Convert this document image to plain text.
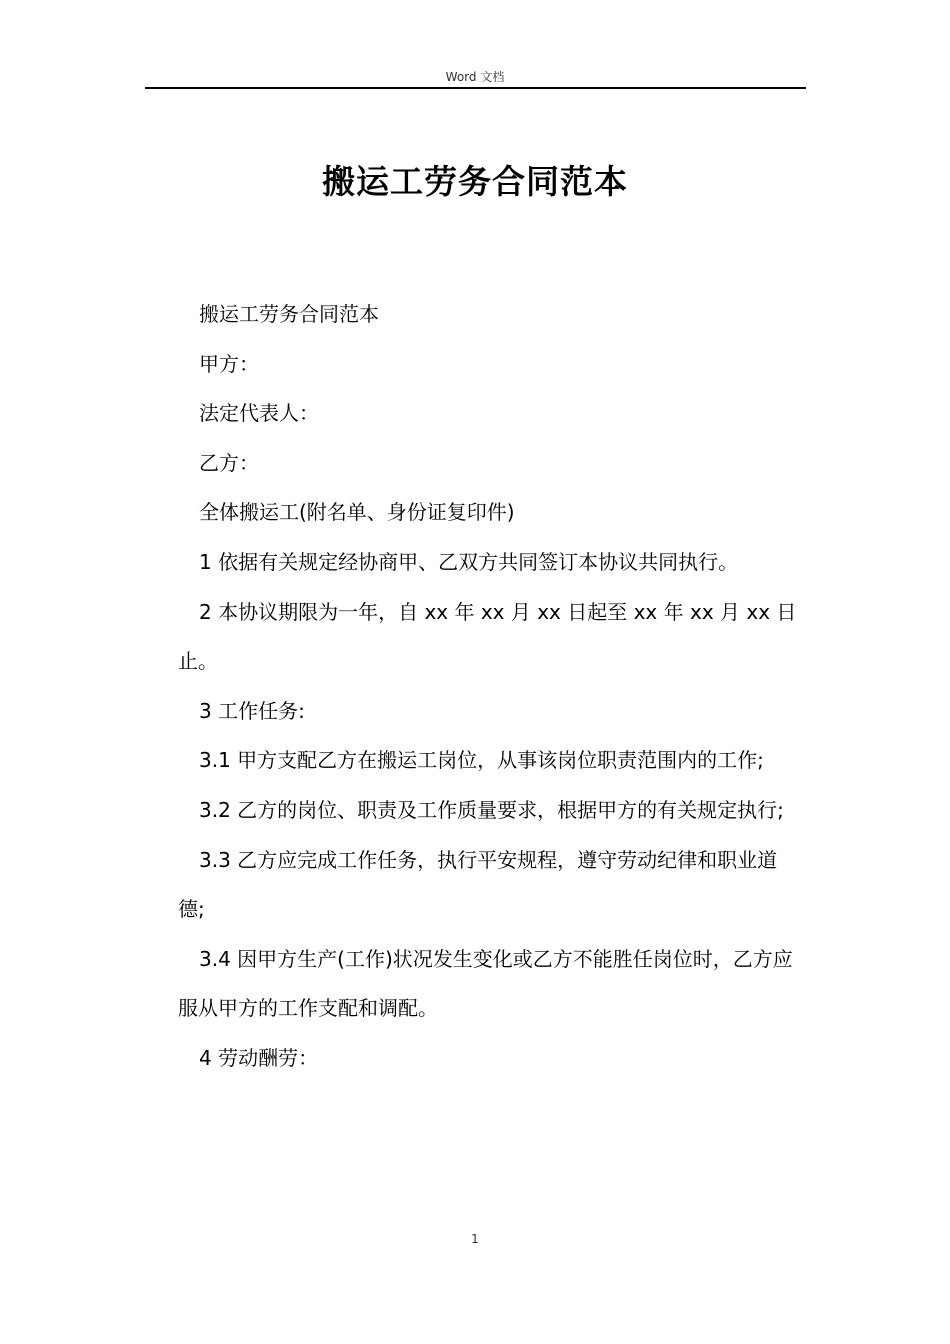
Word 文档
搬运工劳务合同范本

搬运工劳务合同范本

甲方：

法定代表人：

乙方：

全体搬运工(附名单、身份证复印件)

1 依据有关规定经协商甲、乙双方共同签订本协议共同执行。

2 本协议期限为一年，自 xx 年 xx 月 xx 日起至 xx 年 xx 月 xx 日止。

3 工作任务:

3.1 甲方支配乙方在搬运工岗位，从事该岗位职责范围内的工作;

3.2 乙方的岗位、职责及工作质量要求，根据甲方的有关规定执行;

3.3 乙方应完成工作任务，执行平安规程，遵守劳动纪律和职业道德;

3.4 因甲方生产(工作)状况发生变化或乙方不能胜任岗位时，乙方应服从甲方的工作支配和调配。

4 劳动酬劳：

1
